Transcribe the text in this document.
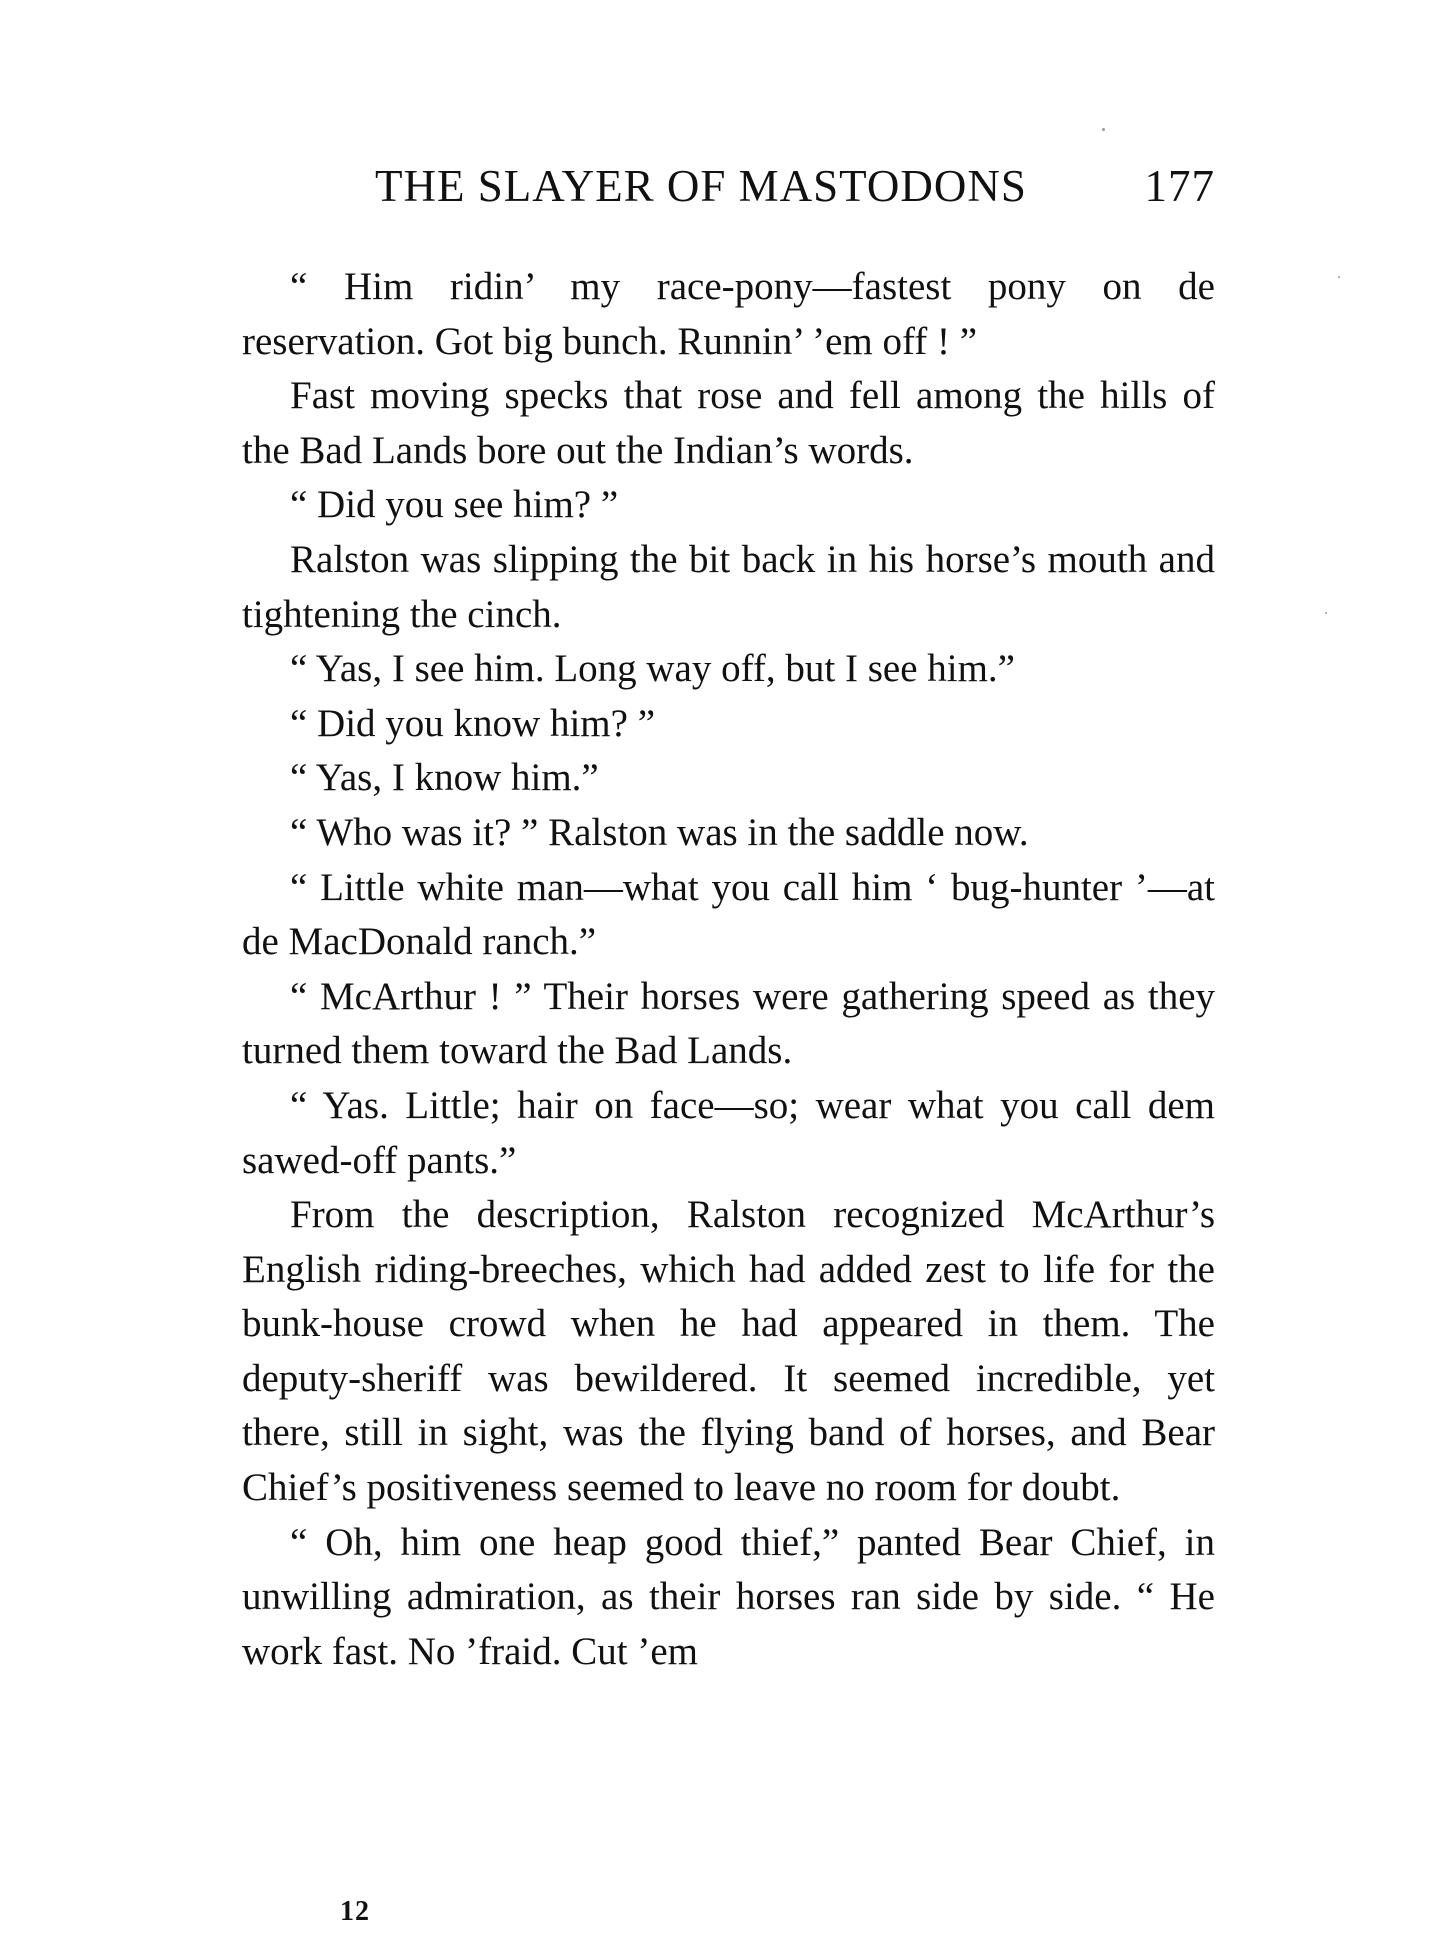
THE SLAYER OF MASTODONS	177

“ Him ridin’ my race-pony—fastest pony on de reservation. Got big bunch. Runnin’ ’em off ! ”

Fast moving specks that rose and fell among the hills of the Bad Lands bore out the Indian’s words.

“ Did you see him? ”

Ralston was slipping the bit back in his horse’s mouth and tightening the cinch.

“ Yas, I see him. Long way off, but I see him.”

“ Did you know him? ”

“ Yas, I know him.”

“ Who was it? ” Ralston was in the saddle now.

“ Little white man—what you call him ‘ bug-hunter ’—at de MacDonald ranch.”

“ McArthur ! ” Their horses were gathering speed as they turned them toward the Bad Lands.

“ Yas. Little; hair on face—so; wear what you call dem sawed-off pants.”

From the description, Ralston recognized McArthur’s English riding-breeches, which had added zest to life for the bunk-house crowd when he had appeared in them. The deputy-sheriff was bewildered. It seemed incredible, yet there, still in sight, was the flying band of horses, and Bear Chief’s positiveness seemed to leave no room for doubt.

“ Oh, him one heap good thief,” panted Bear Chief, in unwilling admiration, as their horses ran side by side. “ He work fast. No ’fraid. Cut ’em

12
